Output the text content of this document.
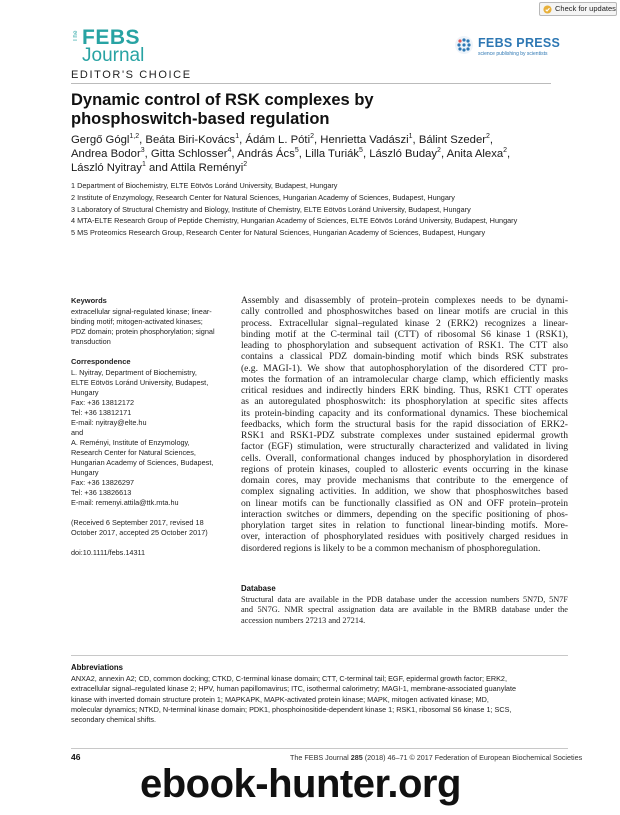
Check for updates
The FEBS
Journal
EDITOR'S CHOICE
FEBS PRESS
science publishing by scientists
Dynamic control of RSK complexes by
phosphoswitch-based regulation
Gergő Gógl$^{1,2}$, Beáta Biri-Kovács$^1$, Ádám L. Póti$^2$, Henrietta Vadászi$^1$, Bálint Szeder$^2$,
Andrea Bodor$^3$, Gitta Schlosser$^4$, András Ács$^5$, Lilla Turiák$^5$, László Buday$^2$, Anita Alexa$^2$,
László Nyitray$^1$ and Attila Reményi$^2$
1 Department of Biochemistry, ELTE Eötvös Loránd University, Budapest, Hungary
2 Institute of Enzymology, Research Center for Natural Sciences, Hungarian Academy of Sciences, Budapest, Hungary
3 Laboratory of Structural Chemistry and Biology, Institute of Chemistry, ELTE Eötvös Loránd University, Budapest, Hungary
4 MTA-ELTE Research Group of Peptide Chemistry, Hungarian Academy of Sciences, ELTE Eötvös Loránd University, Budapest, Hungary
5 MS Proteomics Research Group, Research Center for Natural Sciences, Hungarian Academy of Sciences, Budapest, Hungary
Keywords
extracellular signal-regulated kinase; linear-
binding motif; mitogen-activated kinases;
PDZ domain; protein phosphorylation; signal
transduction
Correspondence
L. Nyitray, Department of Biochemistry,
ELTE Eötvös Loránd University, Budapest,
Hungary
Fax: +36 13812172
Tel: +36 13812171
E-mail: nyitray@elte.hu
and
A. Reményi, Institute of Enzymology,
Research Center for Natural Sciences,
Hungarian Academy of Sciences, Budapest,
Hungary
Fax: +36 13826297
Tel: +36 13826613
E-mail: remenyi.attila@ttk.mta.hu
(Received 6 September 2017, revised 18
October 2017, accepted 25 October 2017)
doi:10.1111/febs.14311
Assembly and disassembly of protein–protein complexes needs to be dynami-
cally controlled and phosphoswitches based on linear motifs are crucial in this
process. Extracellular signal–regulated kinase 2 (ERK2) recognizes a linear-
binding motif at the C-terminal tail (CTT) of ribosomal S6 kinase 1 (RSK1),
leading to phosphorylation and subsequent activation of RSK1. The CTT also
contains a classical PDZ domain-binding motif which binds RSK substrates
(e.g. MAGI-1). We show that autophosphorylation of the disordered CTT pro-
motes the formation of an intramolecular charge clamp, which efficiently masks
critical residues and indirectly hinders ERK binding. Thus, RSK1 CTT operates
as an autoregulated phosphoswitch: its phosphorylation at specific sites affects
its protein-binding capacity and its conformational dynamics. These biochemical
feedbacks, which form the structural basis for the rapid dissociation of ERK2-
RSK1 and RSK1-PDZ substrate complexes under sustained epidermal growth
factor (EGF) stimulation, were structurally characterized and validated in living
cells. Overall, conformational changes induced by phosphorylation in disordered
regions of protein kinases, coupled to allosteric events occurring in the kinase
domain cores, may provide mechanisms that contribute to the emergence of
complex signaling activities. In addition, we show that phosphoswitches based
on linear motifs can be functionally classified as ON and OFF protein–protein
interaction switches or dimmers, depending on the specific positioning of phos-
phorylation target sites in relation to functional linear-binding motifs. More-
over, interaction of phosphorylated residues with positively charged residues in
disordered regions is likely to be a common mechanism of phosphoregulation.
Database
Structural data are available in the PDB database under the accession numbers 5N7D, 5N7F
and 5N7G. NMR spectral assignation data are available in the BMRB database under the
accession numbers 27213 and 27214.
Abbreviations
ANXA2, annexin A2; CD, common docking; CTKD, C-terminal kinase domain; CTT, C-terminal tail; EGF, epidermal growth factor; ERK2,
extracellular signal–regulated kinase 2; HPV, human papillomavirus; ITC, isothermal calorimetry; MAGI-1, membrane-associated guanylate
kinase with inverted domain structure protein 1; MAPKAPK, MAPK-activated protein kinase; MAPK, mitogen activated kinase; MD,
molecular dynamics; NTKD, N-terminal kinase domain; PDK1, phosphoinositide-dependent kinase 1; RSK1, ribosomal S6 kinase 1; SCS,
secondary chemical shifts.
46	The FEBS Journal 285 (2018) 46–71 © 2017 Federation of European Biochemical Societies
ebook-hunter.org
